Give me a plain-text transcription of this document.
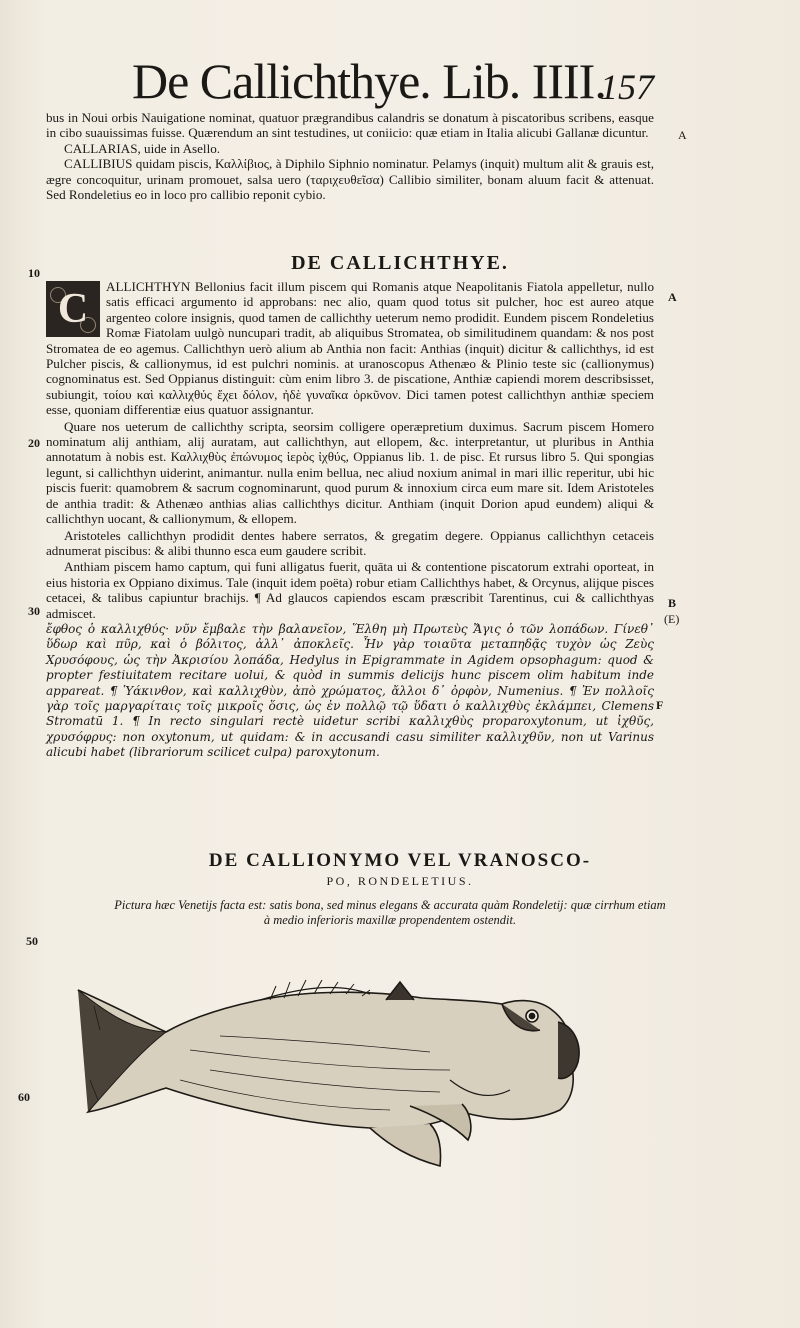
De Callichthye. Lib. IIII.
157

bus in Noui orbis Nauigatione nominat, quatuor prægrandibus calandris se donatum à piscatoribus scribens, easque in cibo suauissimas fuisse. Quærendum an sint testudines, ut coniicio: quæ etiam in Italia alicubi Gallanæ dicuntur.

CALLARIAS, uide in Asello.

CALLIBIUS quidam piscis, Καλλίβιος, à Diphilo Siphnio nominatur. Pelamys (inquit) multum alit & grauis est, ægre concoquitur, urinam promouet, salsa uero (ταριχευθεῖσα) Callibio similiter, bonam aluum facit & attenuat. Sed Rondeletius eo in loco pro callibio reponit cybio.

DE CALLICHTHYE.
C	ALLICHTHYN Bellonius facit illum piscem qui Romanis atque Neapolitanis Fiatola appelletur, nullo satis efficaci argumento id approbans: nec alio, quam quod totus sit pulcher, hoc est aureo atque argenteo colore insignis, quod tamen de callichthy ueterum nemo prodidit. Eundem piscem Rondeletius Romæ Fiatolam uulgò nuncupari tradit, ab aliquibus Stromatea, ob similitudinem quandam: & nos post Stromatea de eo agemus. Callichthyn uerò alium ab Anthia non facit: Anthias (inquit) dicitur & callichthys, id est Pulcher piscis, & callionymus, id est pulchri nominis. at uranoscopus Athenæo & Plinio teste sic (callionymus) cognominatus est. Sed Oppianus distinguit: cùm enim libro 3. de piscatione, Anthiæ capiendi morem describsisset, subiungit, τοίου καὶ καλλιχθύς ἔχει δόλον, ἠδὲ γυναῖκα ὀρκῦνον. Dici tamen potest callichthyn anthiæ speciem esse, quoniam differentiæ eius quatuor assignantur.

Quare nos ueterum de callichthy scripta, seorsim colligere operæpretium duximus. Sacrum piscem Homero nominatum alij anthiam, alij auratam, aut callichthyn, aut ellopem, &c. interpretantur, ut pluribus in Anthia annotatum à nobis est. Καλλιχθὺς ἐπώνυμος ἱερὸς ἰχθύς, Oppianus lib. 1. de pisc. Et rursus libro 5. Qui spongias legunt, si callichthyn uiderint, animantur. nulla enim bellua, nec aliud noxium animal in mari illic reperitur, ubi hic piscis fuerit: quamobrem & sacrum cognominarunt, quod purum & innoxium circa eum mare sit. Idem Aristoteles de anthia tradit: & Athenæo anthias alias callichthys dicitur. Anthiam (inquit Dorion apud eundem) aliqui & callichthyn uocant, & callionymum, & ellopem.

Aristoteles callichthyn prodidit dentes habere serratos, & gregatim degere. Oppianus callichthyn cetaceis adnumerat piscibus: & alibi thunno esca eum gaudere scribit.

Anthiam piscem hamo captum, qui funi alligatus fuerit, quāta ui & contentione piscatorum extrahi oporteat, in eius historia ex Oppiano diximus. Tale (inquit idem poëta) robur etiam Callichthys habet, & Orcynus, alijque pisces cetacei, & talibus capiuntur brachijs. ¶ Ad glaucos capiendos escam præscribit Tarentinus, cui & callichthyas admiscet.

ἔφθος ὁ καλλιχθύς· νῦν ἔμβαλε τὴν βαλανεῖον, Ἕλθη μὴ Πρωτεὺς Ἄγις ὁ τῶν λοπάδων. Γίνεθ᾽ ὕδωρ καὶ πῦρ, καὶ ὁ βόλιτος, ἀλλ᾽ ἀποκλεῖς. Ἦν γὰρ τοιαῦτα μεταπηδᾷς τυχὸν ὡς Ζεὺς Χρυσόφους, ὡς τὴν Ἀκρισίου λοπάδα, Hedylus in Epigrammate in Agidem opsophagum: quod & propter festiuitatem recitare uolui, & quòd in summis delicijs hunc piscem olim habitum inde appareat. ¶ Ὑάκινθον, καὶ καλλιχθὺν, ἀπὸ χρώματος, ἄλλοι δ᾽ ὀρφὸν, Numenius. ¶ Ἐν πολλοῖς γὰρ τοῖς μαργαρίταις τοῖς μικροῖς ὅσις, ὡς ἐν πολλῷ τῷ ὕδατι ὁ καλλιχθὺς ἐκλάμπει, Clemens Stromatū 1. ¶ In recto singulari rectè uidetur scribi καλλιχθὺς proparoxytonum, ut ἰχθῦς, χρυσόφρυς: non oxytonum, ut quidam: & in accusandi casu similiter καλλιχθῦν, non ut Varinus alicubi habet (librariorum scilicet culpa) paroxytonum.

DE CALLIONYMO VEL VRANOSCO-
PO, RONDELETIUS.
Pictura hæc Venetijs facta est: satis bona, sed minus elegans & accurata quàm Rondeletij: quæ cirrhum etiam à medio inferioris maxillæ propendentem ostendit.
10
20
30
50
60
A
A
B
(E)
F
